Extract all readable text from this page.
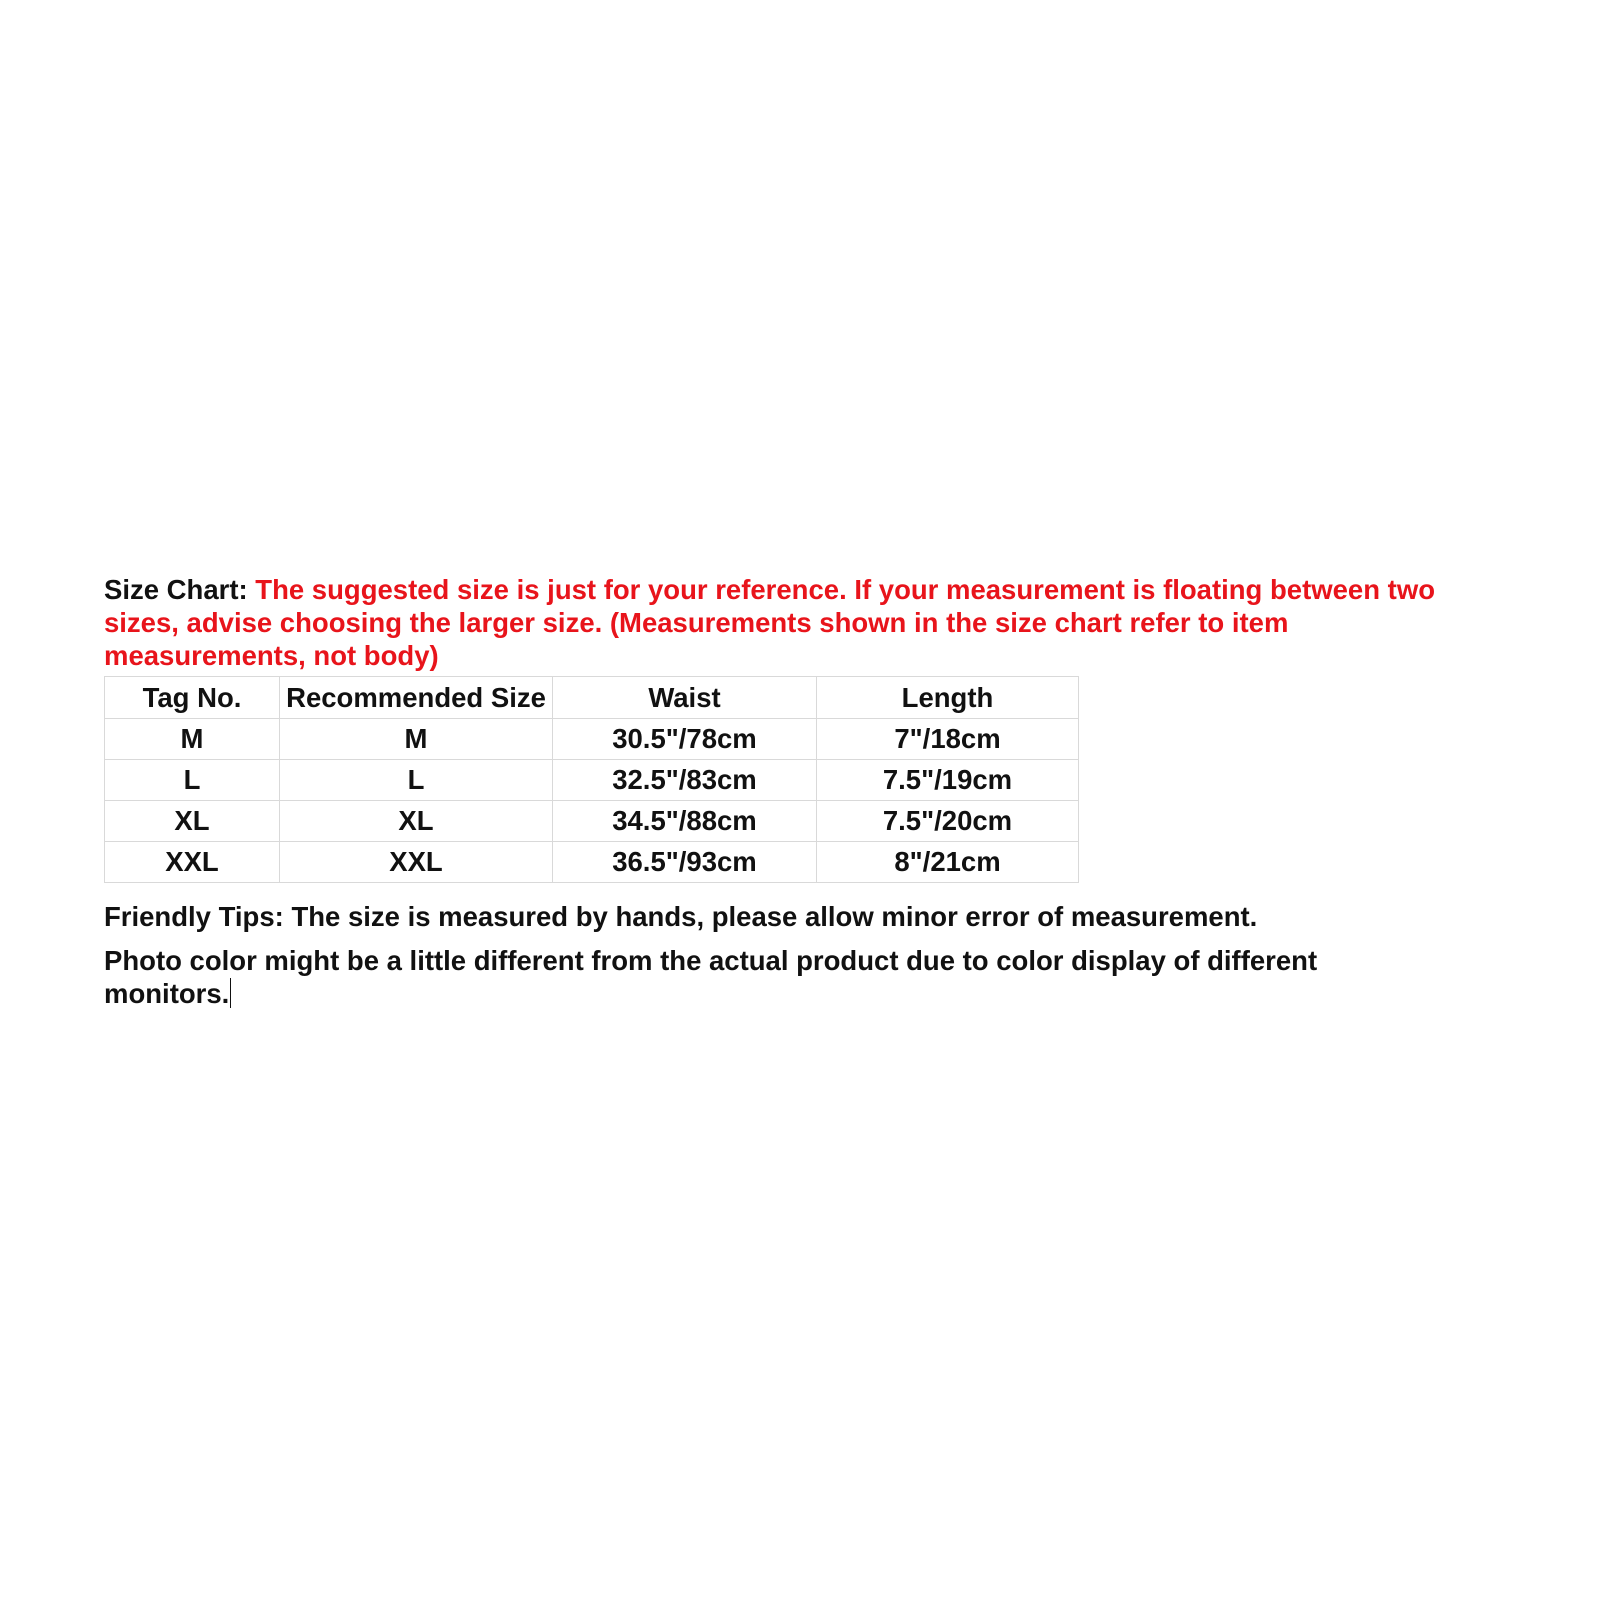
Size Chart: The suggested size is just for your reference. If your measurement is floating between two
sizes, advise choosing the larger size. (Measurements shown in the size chart refer to item
measurements, not body)

Tag No.	Recommended Size	Waist	Length
M	M	30.5"/78cm	7"/18cm
L	L	32.5"/83cm	7.5"/19cm
XL	XL	34.5"/88cm	7.5"/20cm
XXL	XXL	36.5"/93cm	8"/21cm

Friendly Tips: The size is measured by hands, please allow minor error of measurement.

Photo color might be a little different from the actual product due to color display of different
monitors.
